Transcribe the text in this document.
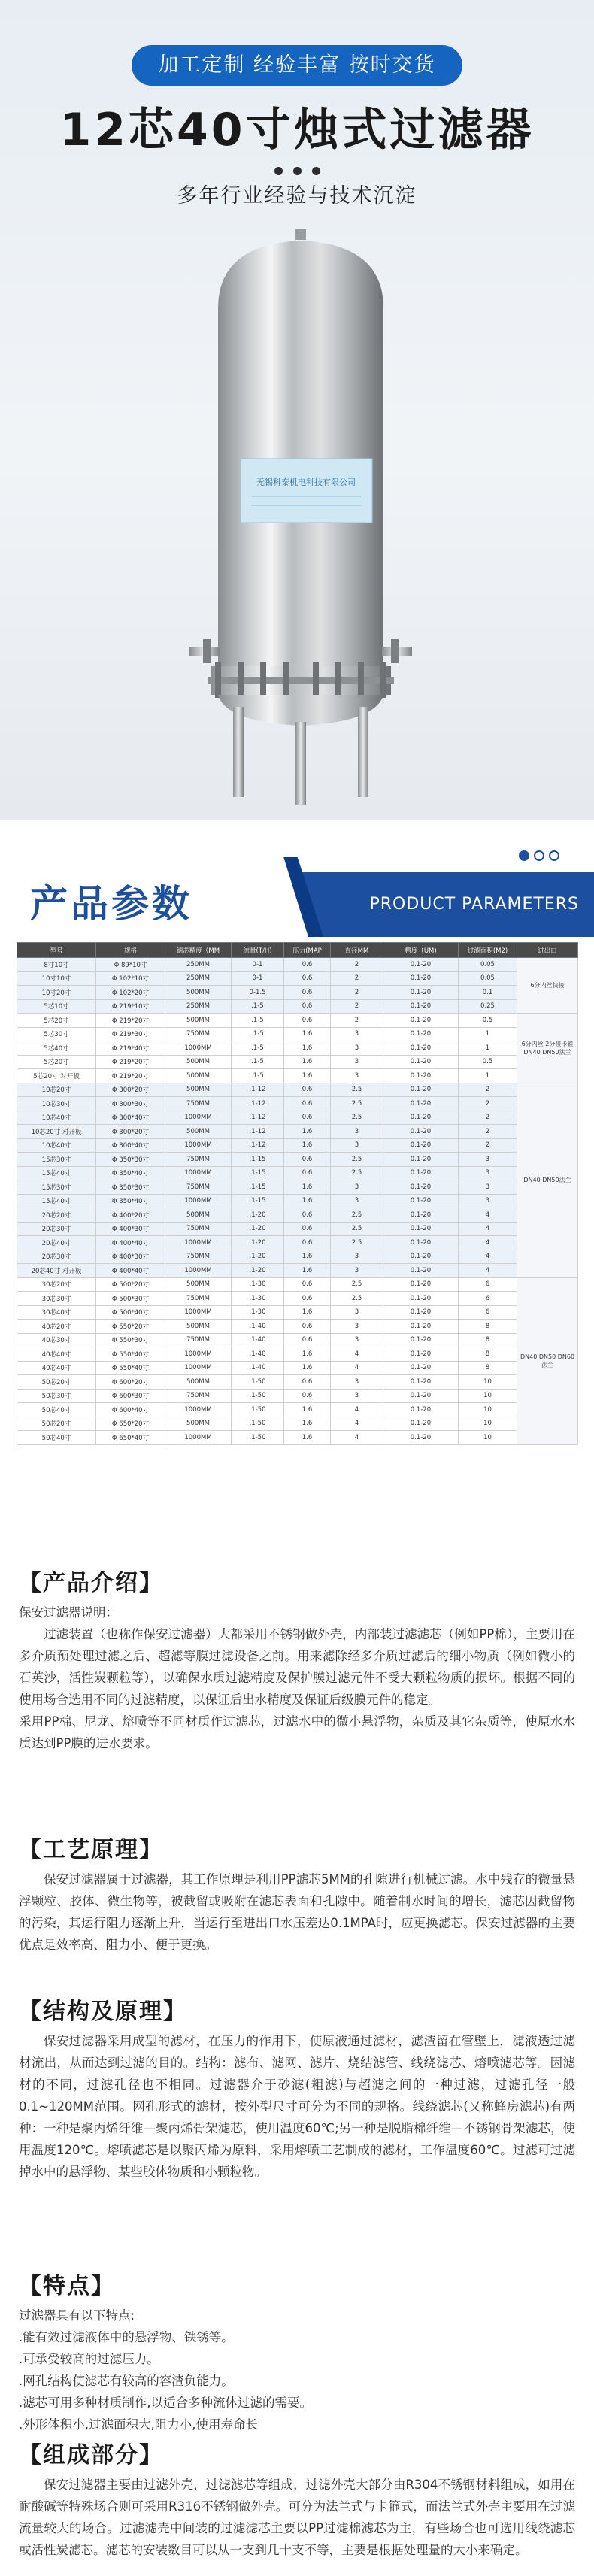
加工定制 经验丰富 按时交货
12芯40寸烛式过滤器
多年行业经验与技术沉淀
无锡科泰机电科技有限公司
产品参数	PRODUCT PARAMETERS
型号	规格	滤芯精度（MM	流量(T/H)	压力(MAP	直径MM	精度（UM)	过滤面积(M2)	进出口
8寸10寸	Φ 89*10寸	250MM	0-1	0.6	2	0.1-20	0.05	6分内丝快接
10寸10寸	Φ 102*10寸	250MM	0-1	0.6	2	0.1-20	0.05	
10寸20寸	Φ 102*20寸	500MM	0-1.5	0.6	2	0.1-20	0.1	
5芯10寸	Φ 219*10寸	250MM	.1-5	0.6	2	0.1-20	0.25	
5芯20寸	Φ 219*20寸	500MM	.1-5	0.6	2	0.1-20	0.5	6分内丝 2分接卡箍 DN40 DN50法兰
5芯30寸	Φ 219*30寸	750MM	.1-5	1.6	3	0.1-20	1	
5芯40寸	Φ 219*40寸	1000MM	.1-5	1.6	3	0.1-20	1	
5芯20寸	Φ 219*20寸	500MM	.1-5	1.6	3	0.1-20	0.5	
5芯20寸 对开板	Φ 219*20寸	500MM	.1-5	1.6	3	0.1-20	1	
10芯20寸	Φ 300*20寸	500MM	.1-12	0.6	2.5	0.1-20	2	DN40 DN50法兰
10芯30寸	Φ 300*30寸	750MM	.1-12	0.6	2.5	0.1-20	2	
10芯40寸	Φ 300*40寸	1000MM	.1-12	0.6	2.5	0.1-20	2	
10芯20寸 对开板	Φ 300*20寸	500MM	.1-12	1.6	3	0.1-20	2	
10芯40寸	Φ 300*40寸	1000MM	.1-12	1.6	3	0.1-20	2	
15芯30寸	Φ 350*30寸	750MM	.1-15	0.6	2.5	0.1-20	3	
15芯40寸	Φ 350*40寸	1000MM	.1-15	0.6	2.5	0.1-20	3	
15芯30寸	Φ 350*30寸	750MM	.1-15	1.6	3	0.1-20	3	
15芯40寸	Φ 350*40寸	1000MM	.1-15	1.6	3	0.1-20	3	
20芯20寸	Φ 400*20寸	500MM	.1-20	0.6	2.5	0.1-20	4	
20芯30寸	Φ 400*30寸	750MM	.1-20	0.6	2.5	0.1-20	4	
20芯40寸	Φ 400*40寸	1000MM	.1-20	0.6	2.5	0.1-20	4	
20芯30寸	Φ 400*30寸	750MM	.1-20	1.6	3	0.1-20	4	
20芯40寸 对开板	Φ 400*40寸	1000MM	.1-20	1.6	3	0.1-20	4	
30芯20寸	Φ 500*20寸	500MM	.1-30	0.6	2.5	0.1-20	6	DN40 DN50 DN60法兰
30芯30寸	Φ 500*30寸	750MM	.1-30	0.6	2.5	0.1-20	6	
30芯40寸	Φ 500*40寸	1000MM	.1-30	1.6	3	0.1-20	6	
40芯20寸	Φ 550*20寸	500MM	.1-40	0.6	3	0.1-20	8	
40芯30寸	Φ 550*30寸	750MM	.1-40	0.6	3	0.1-20	8	
40芯40寸	Φ 550*40寸	1000MM	.1-40	1.6	4	0.1-20	8	
40芯40寸	Φ 550*40寸	1000MM	.1-40	1.6	4	0.1-20	8	
50芯20寸	Φ 600*20寸	500MM	.1-50	0.6	3	0.1-20	10	
50芯30寸	Φ 600*30寸	750MM	.1-50	0.6	3	0.1-20	10	
50芯40寸	Φ 600*40寸	1000MM	.1-50	1.6	4	0.1-20	10	
50芯20寸	Φ 650*20寸	500MM	.1-50	1.6	4	0.1-20	10	
50芯40寸	Φ 650*40寸	1000MM	.1-50	1.6	4	0.1-20	10	
【产品介绍】

保安过滤器说明：

过滤装置（也称作保安过滤器）大都采用不锈钢做外壳，内部装过滤滤芯（例如PP棉），主要用在多介质预处理过滤之后、超滤等膜过滤设备之前。用来滤除经多介质过滤后的细小物质（例如微小的石英沙，活性炭颗粒等），以确保水质过滤精度及保护膜过滤元件不受大颗粒物质的损坏。根据不同的使用场合选用不同的过滤精度，以保证后出水精度及保证后级膜元件的稳定。

采用PP棉、尼龙、熔喷等不同材质作过滤芯，过滤水中的微小悬浮物，杂质及其它杂质等，使原水水质达到PP膜的进水要求。

【工艺原理】

保安过滤器属于过滤器，其工作原理是利用PP滤芯5MM的孔隙进行机械过滤。水中残存的微量悬浮颗粒、胶体、微生物等，被截留或吸附在滤芯表面和孔隙中。随着制水时间的增长，滤芯因截留物的污染，其运行阻力逐渐上升，当运行至进出口水压差达0.1MPA时，应更换滤芯。保安过滤器的主要优点是效率高、阻力小、便于更换。

【结构及原理】

保安过滤器采用成型的滤材，在压力的作用下，使原液通过滤材，滤渣留在管壁上，滤液透过滤材流出，从而达到过滤的目的。结构：滤布、滤网、滤片、烧结滤管、线绕滤芯、熔喷滤芯等。因滤材的不同，过滤孔径也不相同。过滤器介于砂滤(粗滤)与超滤之间的一种过滤，过滤孔径一般0.1~120MM范围。网孔形式的滤材，按外型尺寸可分为不同的规格。线绕滤芯(又称蜂房滤芯)有两种：一种是聚丙烯纤维—聚丙烯骨架滤芯，使用温度60℃;另一种是脱脂棉纤维—不锈钢骨架滤芯，使用温度120℃。熔喷滤芯是以聚丙烯为原料，采用熔喷工艺制成的滤材，工作温度60℃。过滤可过滤掉水中的悬浮物、某些胶体物质和小颗粒物。

【特点】

过滤器具有以下特点:

.能有效过滤液体中的悬浮物、铁锈等。

.可承受较高的过滤压力。

.网孔结构使滤芯有较高的容渣负能力。

.滤芯可用多种材质制作,以适合多种流体过滤的需要。

.外形体积小,过滤面积大,阻力小,使用寿命长

【组成部分】

保安过滤器主要由过滤外壳，过滤滤芯等组成，过滤外壳大部分由R304不锈钢材料组成，如用在耐酸碱等特殊场合则可采用R316不锈钢做外壳。可分为法兰式与卡箍式，而法兰式外壳主要用在过滤流量较大的场合。过滤滤壳中间装的过滤滤芯主要以PP过滤棉滤芯为主，有些场合也可选用线绕滤芯或活性炭滤芯。滤芯的安装数目可以从一支到几十支不等，主要是根据处理量的大小来确定。
